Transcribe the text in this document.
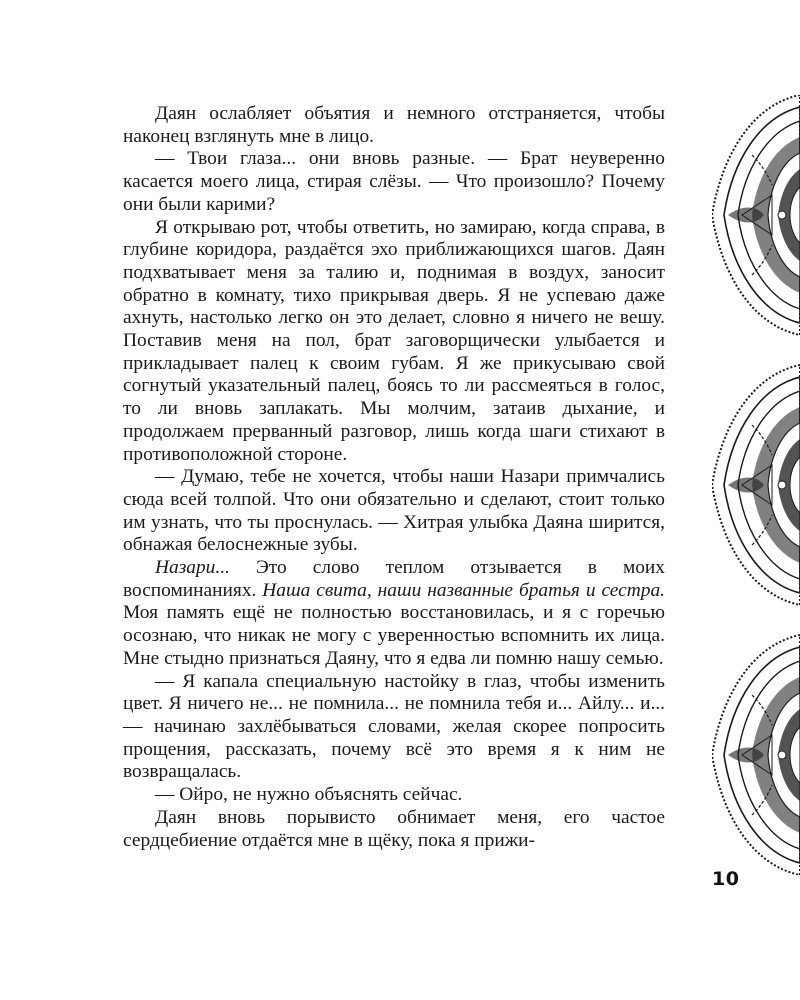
Даян ослабляет объятия и немного отстраняется, чтобы наконец взглянуть мне в лицо.

— Твои глаза... они вновь разные. — Брат неуверенно касается моего лица, стирая слёзы. — Что произошло? Почему они были карими?

Я открываю рот, чтобы ответить, но замираю, когда справа, в глубине коридора, раздаётся эхо приближающихся шагов. Даян подхватывает меня за талию и, поднимая в воздух, заносит обратно в комнату, тихо прикрывая дверь. Я не успеваю даже ахнуть, настолько легко он это делает, словно я ничего не вешу. Поставив меня на пол, брат заговорщически улыбается и прикладывает палец к своим губам. Я же прикусываю свой согнутый указательный палец, боясь то ли рассмеяться в голос, то ли вновь заплакать. Мы молчим, затаив дыхание, и продолжаем прерванный разговор, лишь когда шаги стихают в противоположной стороне.

— Думаю, тебе не хочется, чтобы наши Назари примчались сюда всей толпой. Что они обязательно и сделают, стоит только им узнать, что ты проснулась. — Хитрая улыбка Даяна ширится, обнажая белоснежные зубы.

Назари... Это слово теплом отзывается в моих воспоминаниях. Наша свита, наши названные братья и сестра. Моя память ещё не полностью восстановилась, и я с горечью осознаю, что никак не могу с уверенностью вспомнить их лица. Мне стыдно признаться Даяну, что я едва ли помню нашу семью.

— Я капала специальную настойку в глаз, чтобы изменить цвет. Я ничего не... не помнила... не помнила тебя и... Айлу... и... — начинаю захлёбываться словами, желая скорее попросить прощения, рассказать, почему всё это время я к ним не возвращалась.

— Ойро, не нужно объяснять сейчас.

Даян вновь порывисто обнимает меня, его частое сердцебиение отдаётся мне в щёку, пока я прижи-

10
